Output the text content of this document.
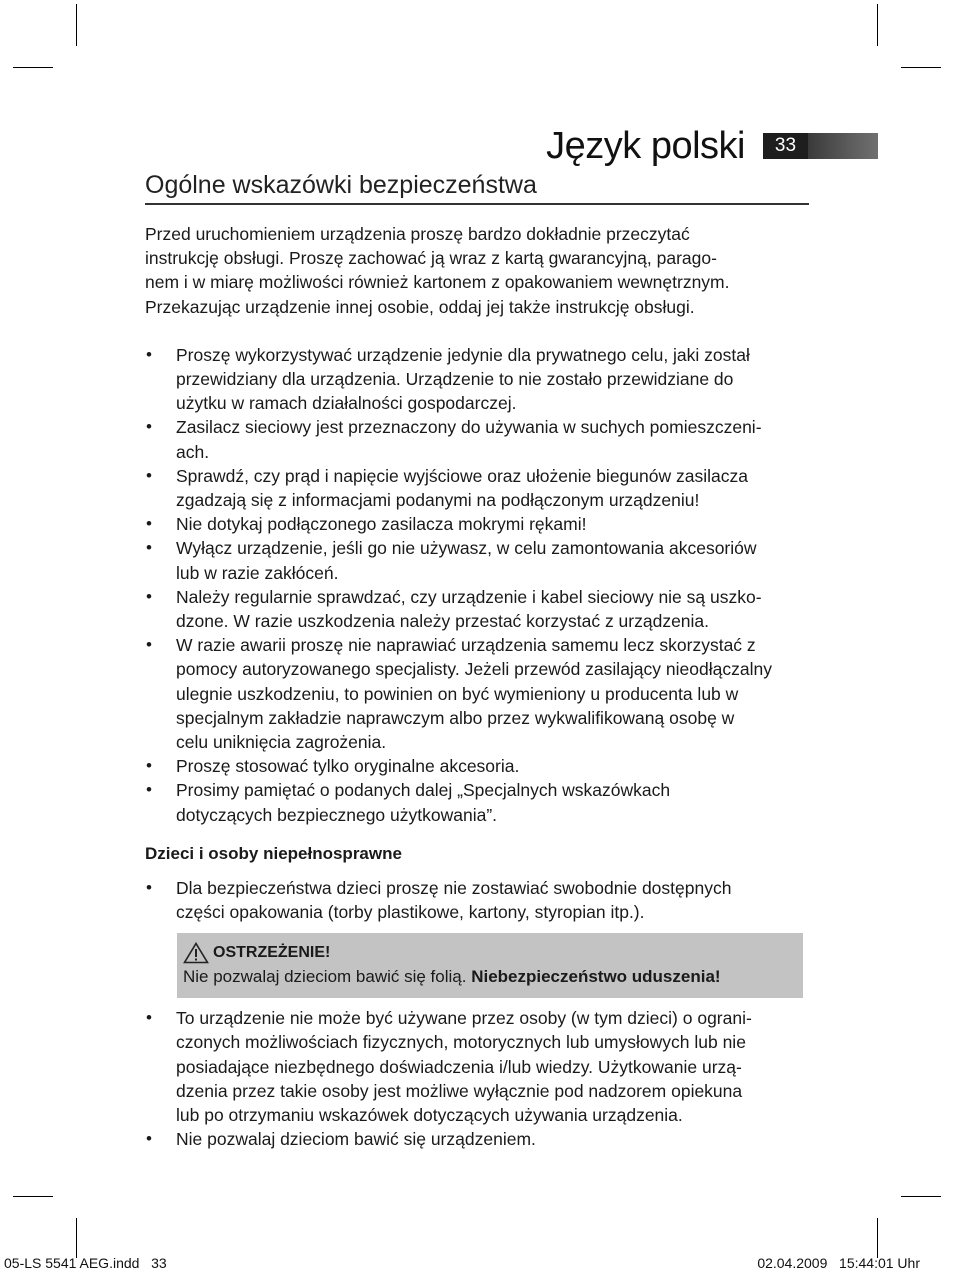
Język polski	33
Ogólne wskazówki bezpieczeństwa

Przed uruchomieniem urządzenia proszę bardzo dokładnie przeczytać
instrukcję obsługi. Proszę zachować ją wraz z kartą gwarancyjną, parago-
nem i w miarę możliwości również kartonem z opakowaniem wewnętrznym.
Przekazując urządzenie innej osobie, oddaj jej także instrukcję obsługi.

• Proszę wykorzystywać urządzenie jedynie dla prywatnego celu, jaki został
przewidziany dla urządzenia. Urządzenie to nie zostało przewidziane do
użytku w ramach działalności gospodarczej.
• Zasilacz sieciowy jest przeznaczony do używania w suchych pomieszczeni-
ach.
• Sprawdź, czy prąd i napięcie wyjściowe oraz ułożenie biegunów zasilacza
zgadzają się z informacjami podanymi na podłączonym urządzeniu!
• Nie dotykaj podłączonego zasilacza mokrymi rękami!
• Wyłącz urządzenie, jeśli go nie używasz, w celu zamontowania akcesoriów
lub w razie zakłóceń.
• Należy regularnie sprawdzać, czy urządzenie i kabel sieciowy nie są uszko-
dzone. W razie uszkodzenia należy przestać korzystać z urządzenia.
• W razie awarii proszę nie naprawiać urządzenia samemu lecz skorzystać z
pomocy autoryzowanego specjalisty. Jeżeli przewód zasilający nieodłączalny
ulegnie uszkodzeniu, to powinien on być wymieniony u producenta lub w
specjalnym zakładzie naprawczym albo przez wykwalifikowaną osobę w
celu uniknięcia zagrożenia.
• Proszę stosować tylko oryginalne akcesoria.
• Prosimy pamiętać o podanych dalej „Specjalnych wskazówkach
dotyczących bezpiecznego użytkowania”.
Dzieci i osoby niepełnosprawne
• Dla bezpieczeństwa dzieci proszę nie zostawiać swobodnie dostępnych
części opakowania (torby plastikowe, kartony, styropian itp.).
OSTRZEŻENIE!
Nie pozwalaj dzieciom bawić się folią. Niebezpieczeństwo uduszenia!
• To urządzenie nie może być używane przez osoby (w tym dzieci) o ograni-
czonych możliwościach fizycznych, motorycznych lub umysłowych lub nie
posiadające niezbędnego doświadczenia i/lub wiedzy. Użytkowanie urzą-
dzenia przez takie osoby jest możliwe wyłącznie pod nadzorem opiekuna
lub po otrzymaniu wskazówek dotyczących używania urządzenia.
• Nie pozwalaj dzieciom bawić się urządzeniem.
05-LS 5541 AEG.indd   33	02.04.2009   15:44:01 Uhr
